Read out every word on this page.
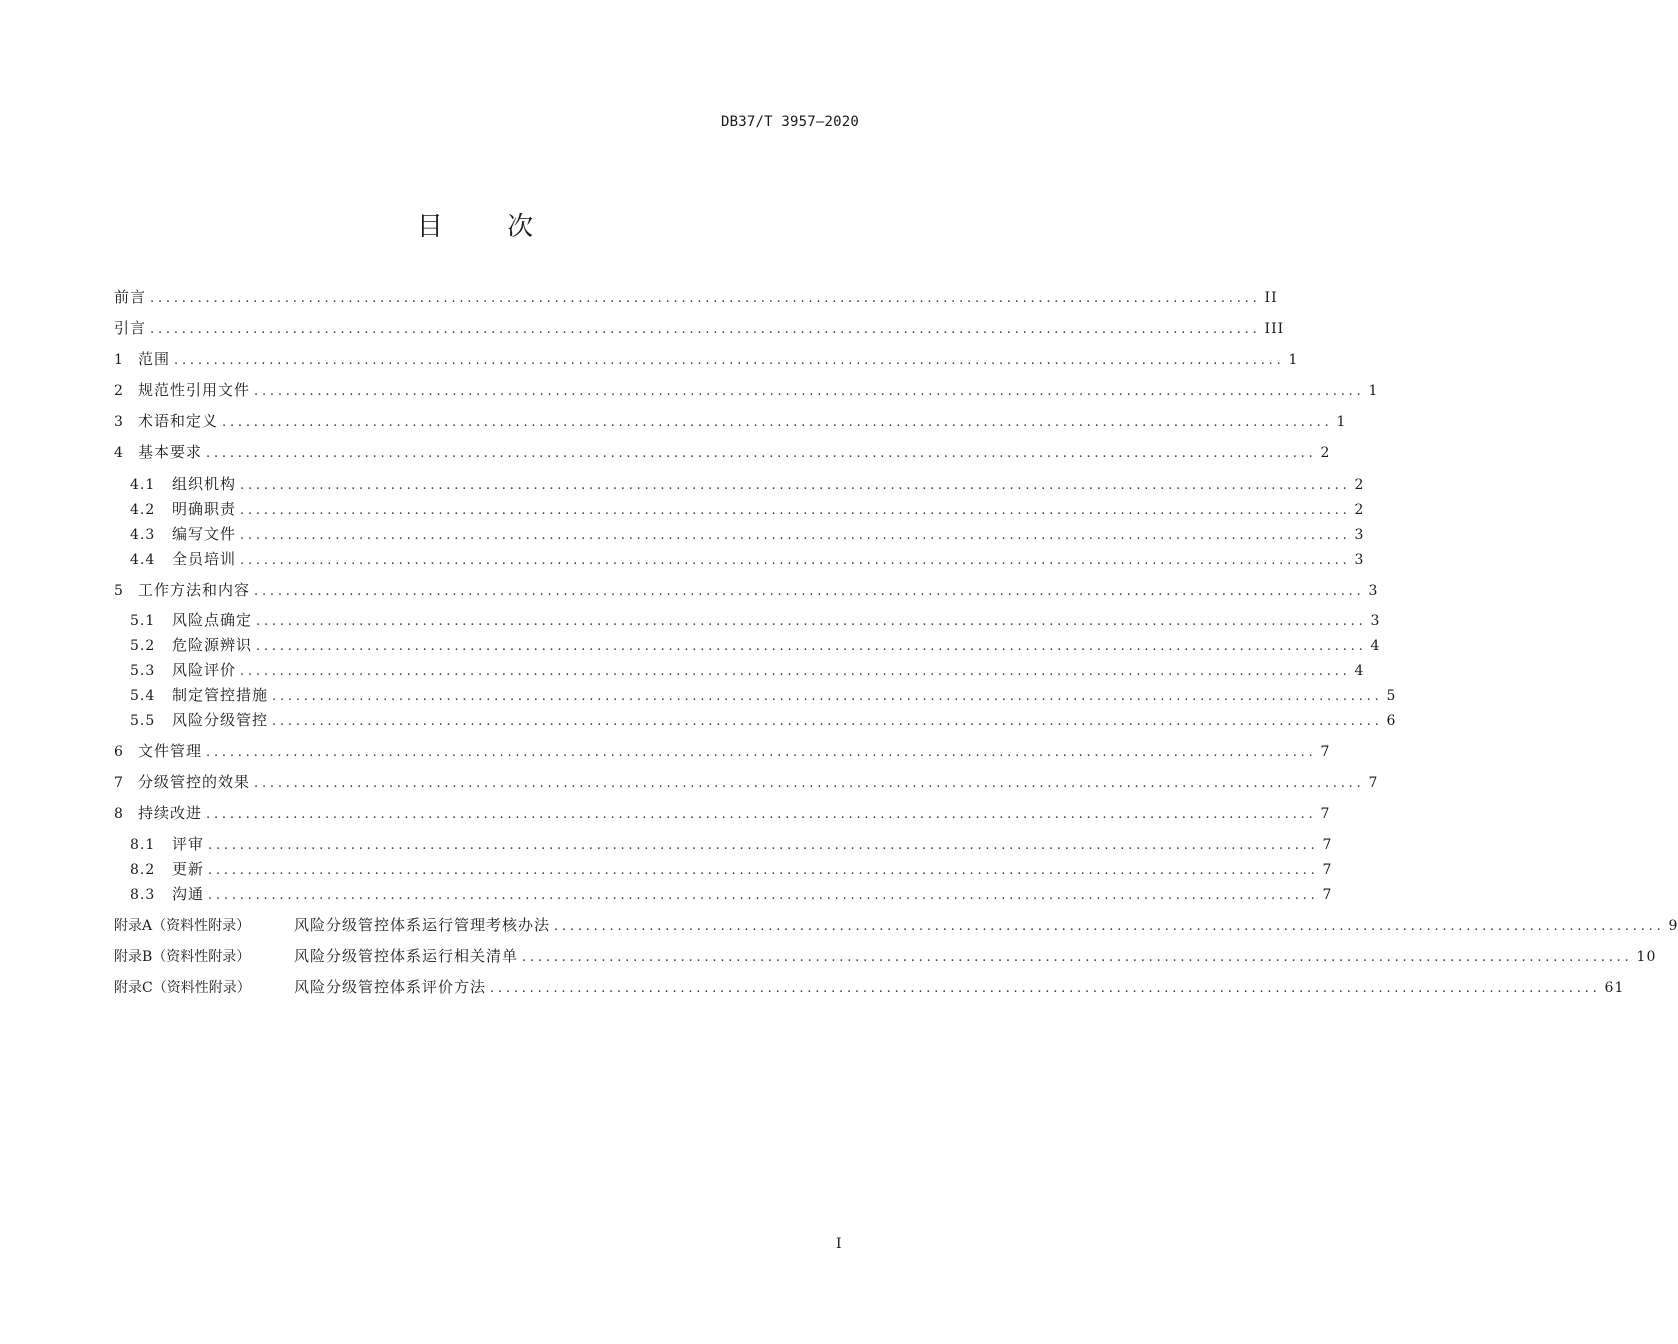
DB37/T 3957—2020
目 次
前言 ............................................................................................................................................ II
引言 ............................................................................................................................................ III
1	范围 ............................................................................................................................................ 1
2	规范性引用文件 ............................................................................................................................................ 1
3	术语和定义 ............................................................................................................................................ 1
4	基本要求 ............................................................................................................................................ 2
4.1	组织机构 ............................................................................................................................................ 2
4.2	明确职责 ............................................................................................................................................ 2
4.3	编写文件 ............................................................................................................................................ 3
4.4	全员培训 ............................................................................................................................................ 3
5	工作方法和内容 ............................................................................................................................................ 3
5.1	风险点确定 ............................................................................................................................................ 3
5.2	危险源辨识 ............................................................................................................................................ 4
5.3	风险评价 ............................................................................................................................................ 4
5.4	制定管控措施 ............................................................................................................................................ 5
5.5	风险分级管控 ............................................................................................................................................ 6
6	文件管理 ............................................................................................................................................ 7
7	分级管控的效果 ............................................................................................................................................ 7
8	持续改进 ............................................................................................................................................ 7
8.1	评审 ............................................................................................................................................ 7
8.2	更新 ............................................................................................................................................ 7
8.3	沟通 ............................................................................................................................................ 7
附录A（资料性附录）	风险分级管控体系运行管理考核办法 ............................................................................................................................................ 9
附录B（资料性附录）	风险分级管控体系运行相关清单 ............................................................................................................................................ 10
附录C（资料性附录）	风险分级管控体系评价方法 ............................................................................................................................................ 61
I
